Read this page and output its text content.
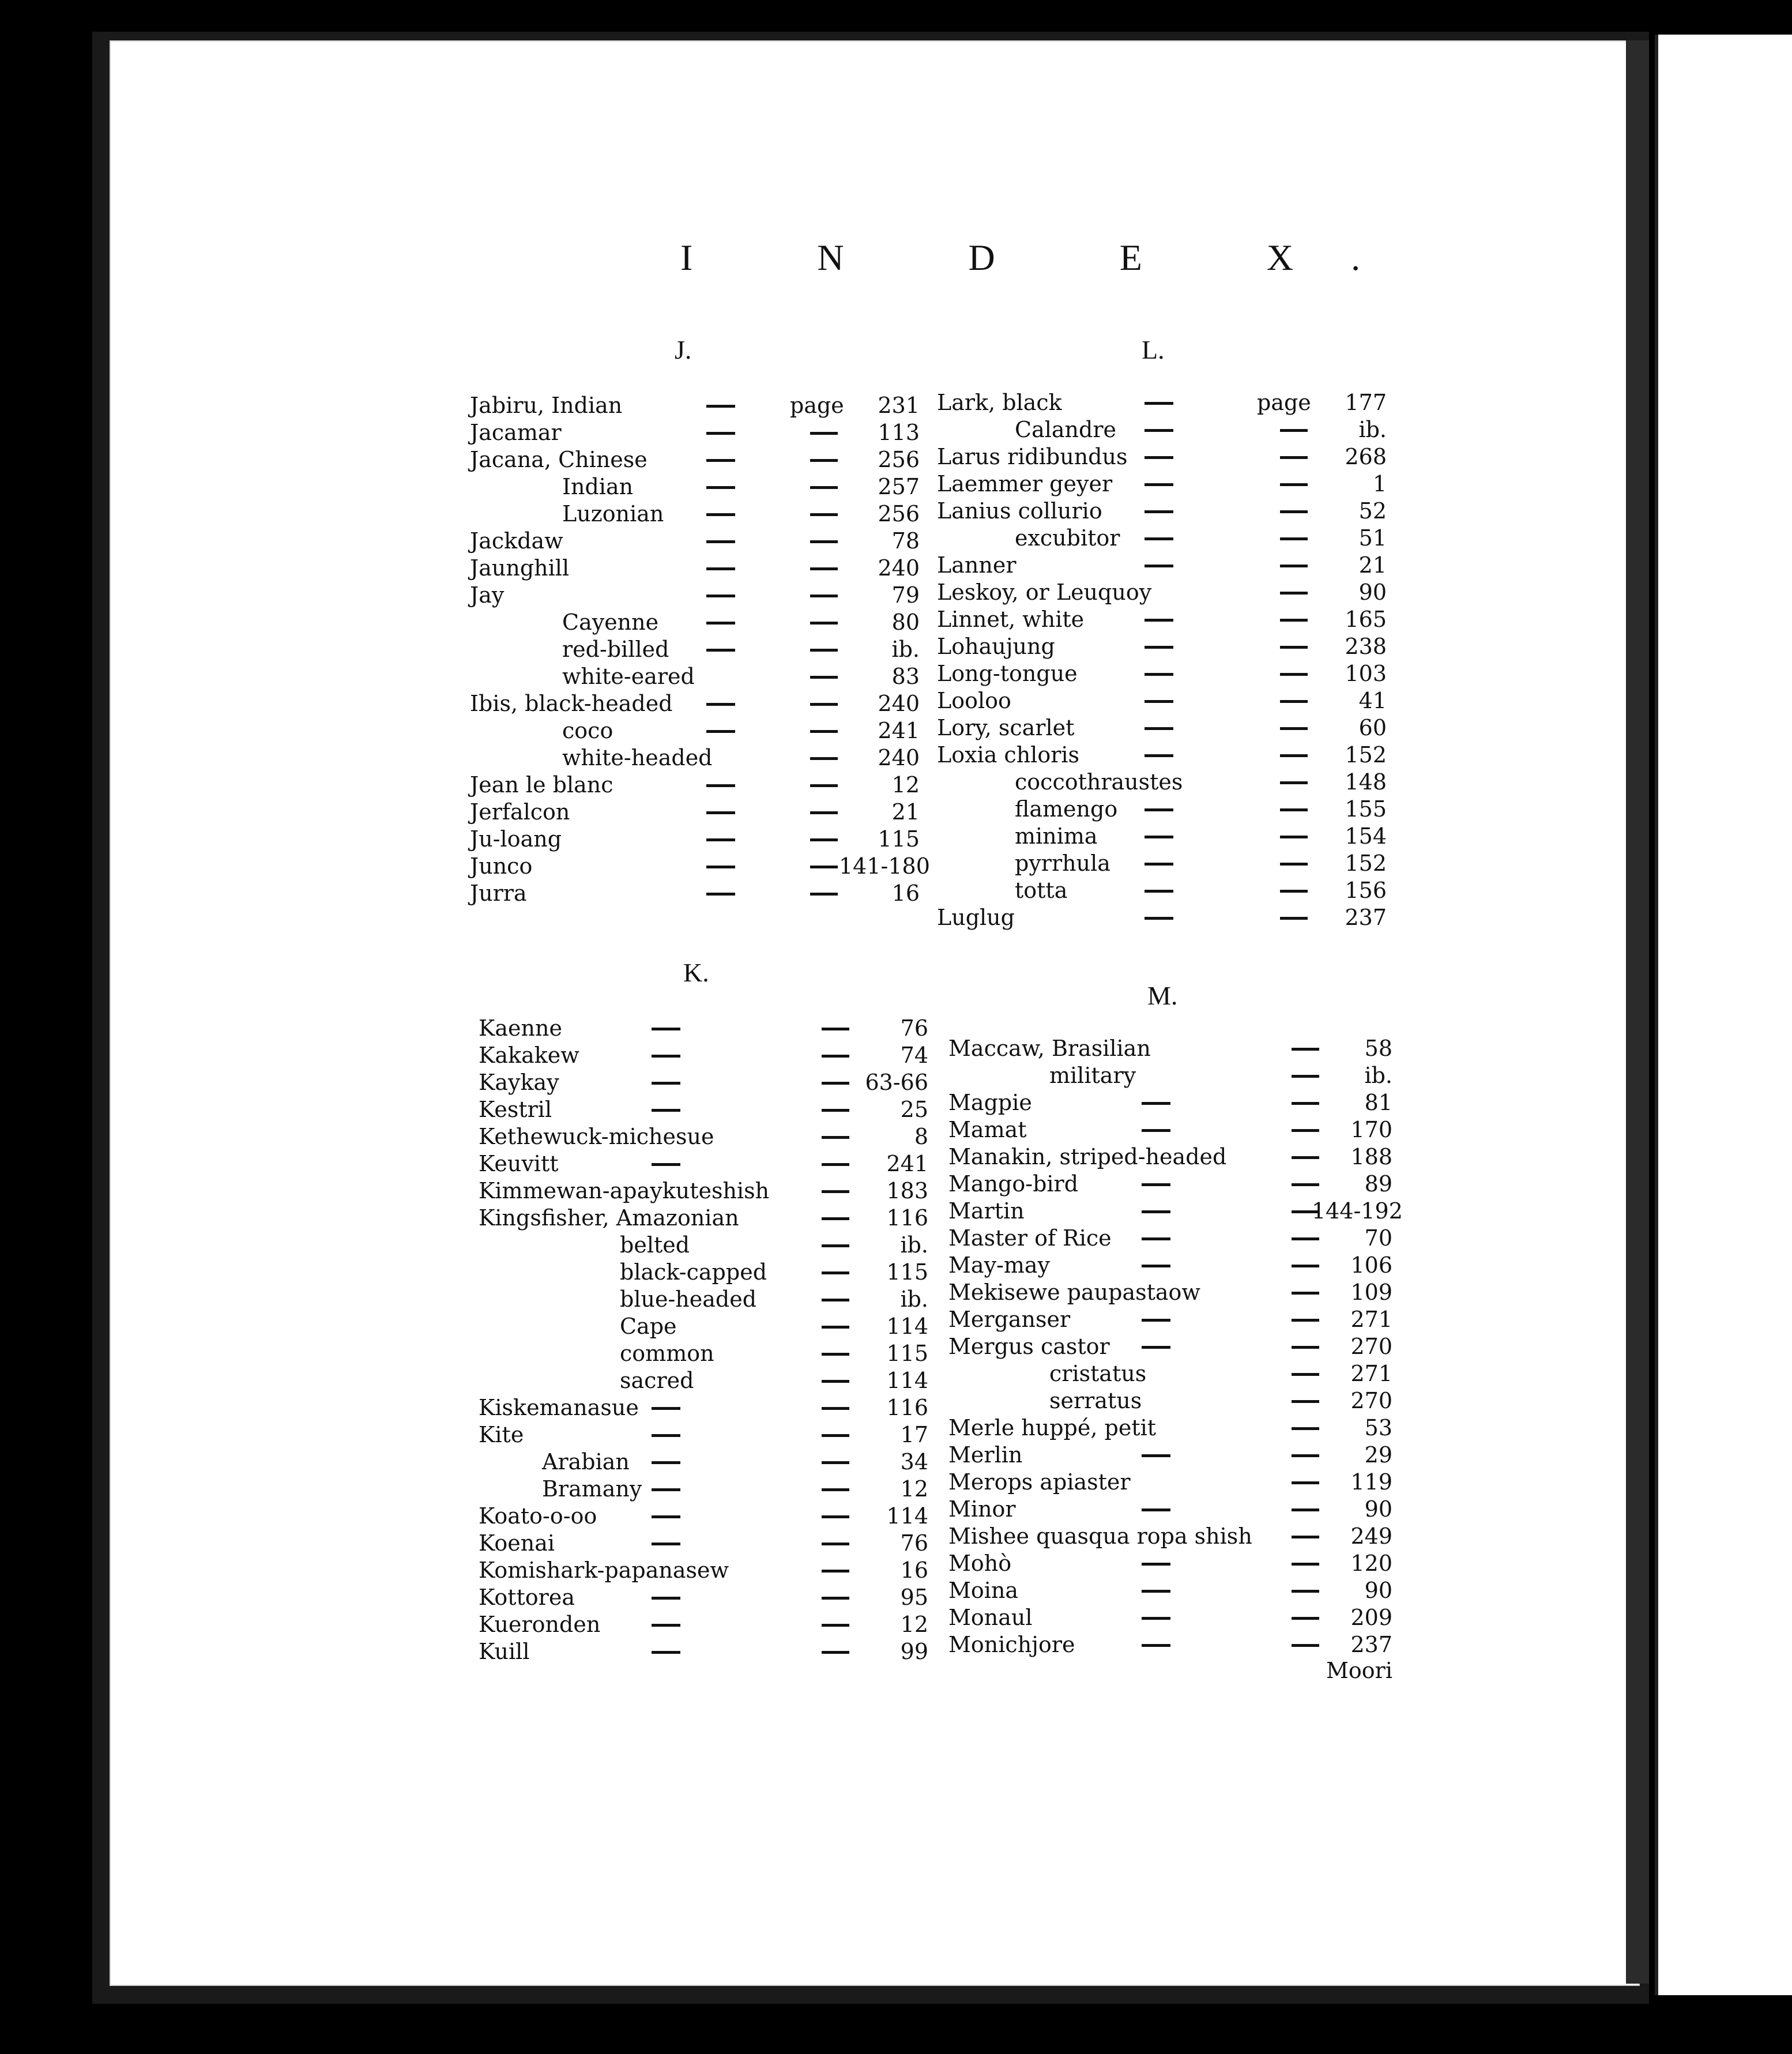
I N D E X.
J.	L.
K.
M.
Jabiru, Indian	page	231
Jacamar	113
Jacana, Chinese	256
Indian	257
Luzonian	256
Jackdaw	78
Jaunghill	240
Jay	79
Cayenne	80
red-billed	ib.
white-eared	83
Ibis, black-headed	240
coco	241
white-headed	240
Jean le blanc	12
Jerfalcon	21
Ju-loang	115
Junco	141-180
Jurra	16
Kaenne	76
Kakakew	74
Kaykay	63-66
Kestril	25
Kethewuck-michesue	8
Keuvitt	241
Kimmewan-apaykuteshish	183
Kingsfisher, Amazonian	116
belted	ib.
black-capped	115
blue-headed	ib.
Cape	114
common	115
sacred	114
Kiskemanasue	116
Kite	17
Arabian	34
Bramany	12
Koato-o-oo	114
Koenai	76
Komishark-papanasew	16
Kottorea	95
Kueronden	12
Kuill	99
Lark, black	page	177
Calandre	ib.
Larus ridibundus	268
Laemmer geyer	1
Lanius collurio	52
excubitor	51
Lanner	21
Leskoy, or Leuquoy	90
Linnet, white	165
Lohaujung	238
Long-tongue	103
Looloo	41
Lory, scarlet	60
Loxia chloris	152
coccothraustes	148
flamengo	155
minima	154
pyrrhula	152
totta	156
Luglug	237
Maccaw, Brasilian	58
military	ib.
Magpie	81
Mamat	170
Manakin, striped-headed	188
Mango-bird	89
Martin	144-192
Master of Rice	70
May-may	106
Mekisewe paupastaow	109
Merganser	271
Mergus castor	270
cristatus	271
serratus	270
Merle huppé, petit	53
Merlin	29
Merops apiaster	119
Minor	90
Mishee quasqua ropa shish	249
Mohò	120
Moina	90
Monaul	209
Monichjore	237
Moori
